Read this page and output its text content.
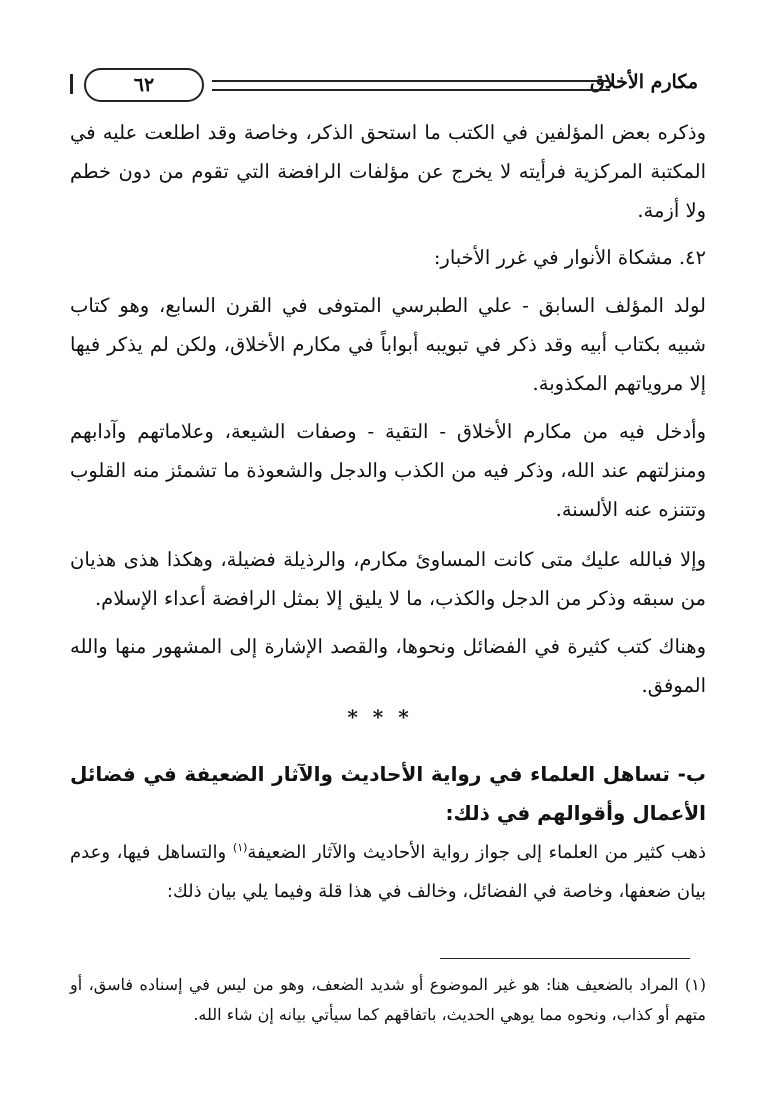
مكارم الأخلاق
٦٢

وذكره بعض المؤلفين في الكتب ما استحق الذكر، وخاصة وقد اطلعت عليه في المكتبة المركزية فرأيته لا يخرج عن مؤلفات الرافضة التي تقوم من دون خطم ولا أزمة.

٤٢. مشكاة الأنوار في غرر الأخبار:

لولد المؤلف السابق - علي الطبرسي المتوفى في القرن السابع، وهو كتاب شبيه بكتاب أبيه وقد ذكر في تبويبه أبواباً في مكارم الأخلاق، ولكن لم يذكر فيها إلا مروياتهم المكذوبة.

وأدخل فيه من مكارم الأخلاق - التقية - وصفات الشيعة، وعلاماتهم وآدابهم ومنزلتهم عند الله، وذكر فيه من الكذب والدجل والشعوذة ما تشمئز منه القلوب وتتنزه عنه الألسنة.

وإلا فبالله عليك متى كانت المساوئ مكارم، والرذيلة فضيلة، وهكذا هذى هذيان من سبقه وذكر من الدجل والكذب، ما لا يليق إلا بمثل الرافضة أعداء الإسلام.

وهناك كتب كثيرة في الفضائل ونحوها، والقصد الإشارة إلى المشهور منها والله الموفق.

* * *

ب- تساهل العلماء في رواية الأحاديث والآثار الضعيفة في فضائل الأعمال وأقوالهم في ذلك:

ذهب كثير من العلماء إلى جواز رواية الأحاديث والآثار الضعيفة$^{(١)}$ والتساهل فيها، وعدم بيان ضعفها، وخاصة في الفضائل، وخالف في هذا قلة وفيما يلي بيان ذلك:

(١) المراد بالضعيف هنا: هو غير الموضوع أو شديد الضعف، وهو من ليس في إسناده فاسق، أو متهم أو كذاب، ونحوه مما يوهي الحديث، باتفاقهم كما سيأتي بيانه إن شاء الله.
